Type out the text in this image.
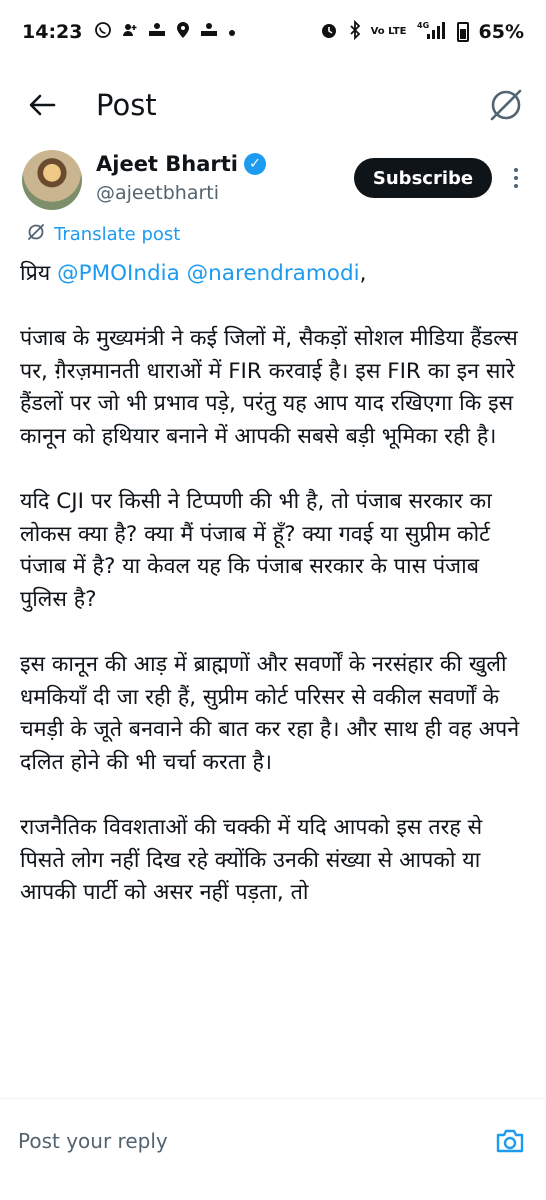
14:23	Vo LTE
4G	65%
Post
Ajeet Bharti ✓
@ajeetbharti
Subscribe
Translate post

प्रिय @PMOIndia @narendramodi,

पंजाब के मुख्यमंत्री ने कई जिलों में, सैकड़ों सोशल मीडिया हैंडल्स पर, ग़ैरज़मानती धाराओं में FIR करवाई है। इस FIR का इन सारे हैंडलों पर जो भी प्रभाव पड़े, परंतु यह आप याद रखिएगा कि इस कानून को हथियार बनाने में आपकी सबसे बड़ी भूमिका रही है।

यदि CJI पर किसी ने टिप्पणी की भी है, तो पंजाब सरकार का लोकस क्या है? क्या मैं पंजाब में हूँ? क्या गवई या सुप्रीम कोर्ट पंजाब में है? या केवल यह कि पंजाब सरकार के पास पंजाब पुलिस है?

इस कानून की आड़ में ब्राह्मणों और सवर्णों के नरसंहार की खुली धमकियाँ दी जा रही हैं, सुप्रीम कोर्ट परिसर से वकील सवर्णों के चमड़ी के जूते बनवाने की बात कर रहा है। और साथ ही वह अपने दलित होने की भी चर्चा करता है।

राजनैतिक विवशताओं की चक्की में यदि आपको इस तरह से पिसते लोग नहीं दिख रहे क्योंकि उनकी संख्या से आपको या आपकी पार्टी को असर नहीं पड़ता, तो

Post your reply
